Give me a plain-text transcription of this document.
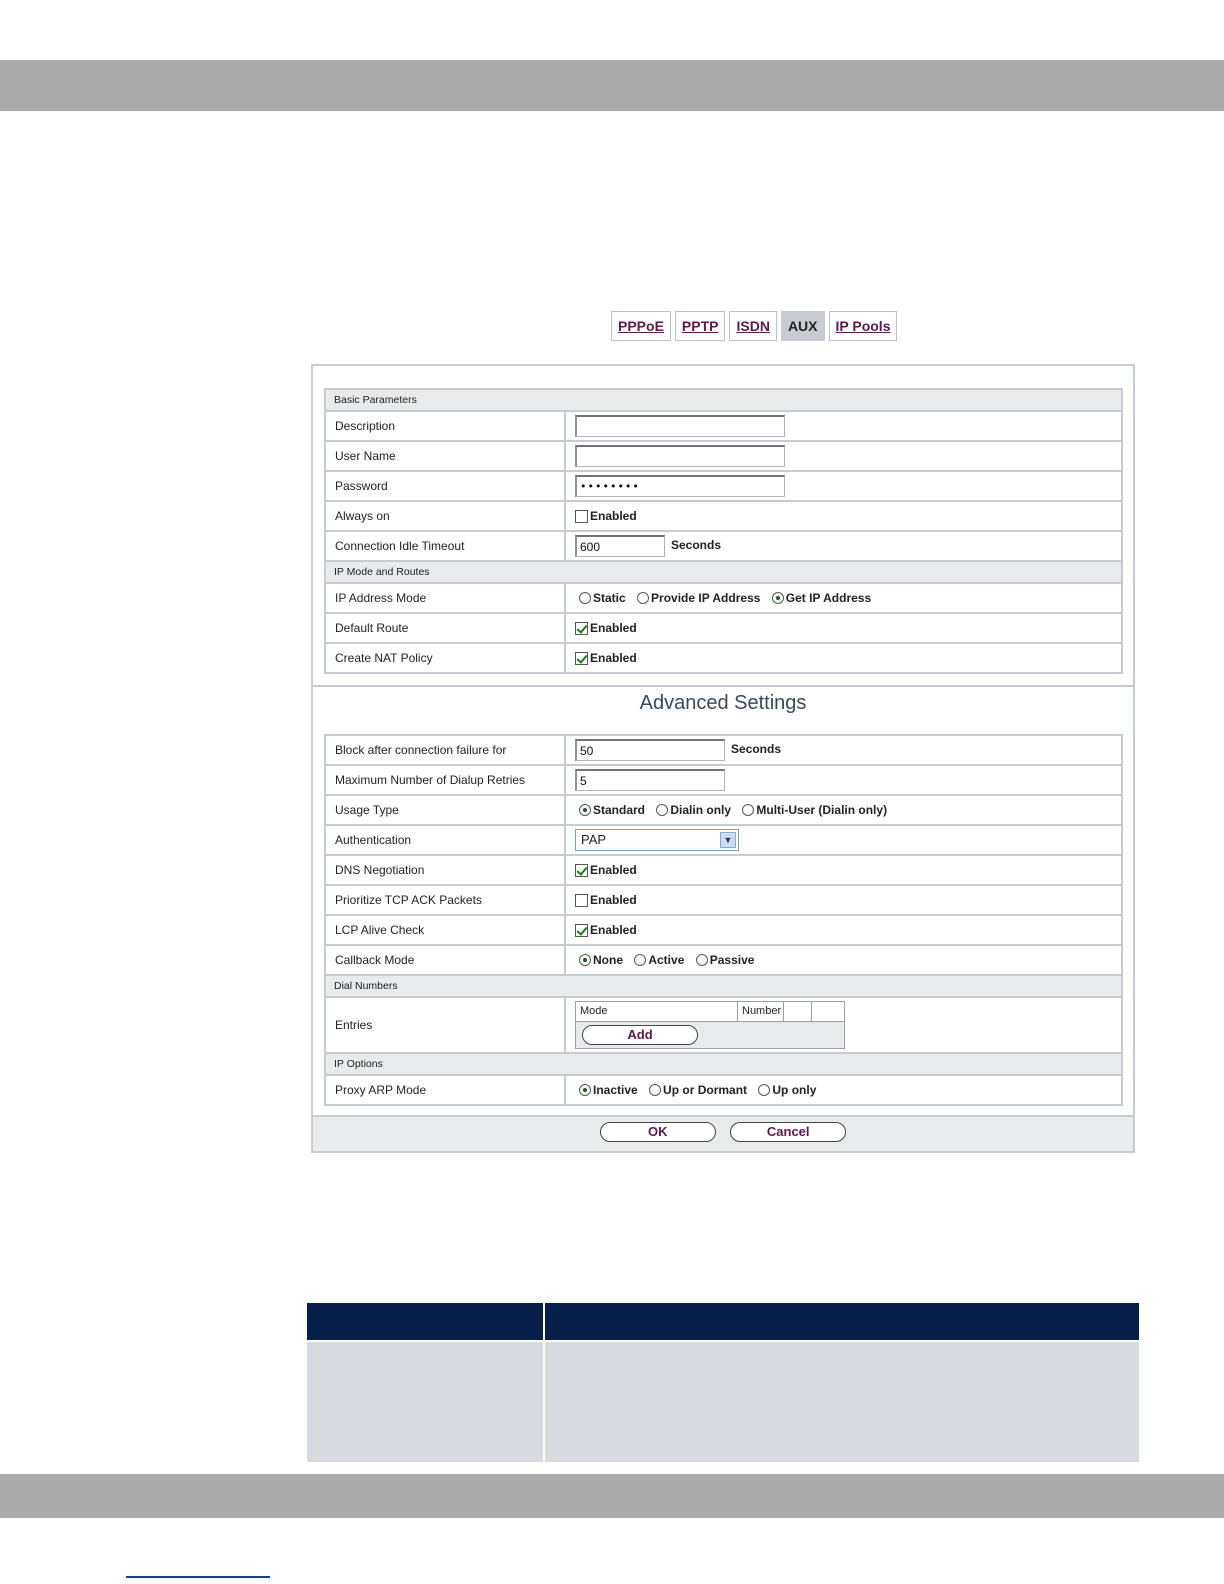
PPPoE	PPTP	ISDN	AUX	IP Pools
Basic Parameters	
Description	
User Name	
Password	••••••••
Always on	Enabled
Connection Idle Timeout	600 Seconds
IP Mode and Routes	
IP Address Mode	Static Provide IP Address Get IP Address
Default Route	Enabled
Create NAT Policy	Enabled
Advanced Settings
Block after connection failure for	50 Seconds
Maximum Number of Dialup Retries	5
Usage Type	Standard Dialin only Multi-User (Dialin only)
Authentication	PAP ▼

DNS Negotiation	Enabled
Prioritize TCP ACK Packets	Enabled
LCP Alive Check	Enabled
Callback Mode	None Active Passive
Dial Numbers	
Entries	Mode Number
Add

IP Options	
Proxy ARP Mode	Inactive Up or Dormant Up only
OK	Cancel
